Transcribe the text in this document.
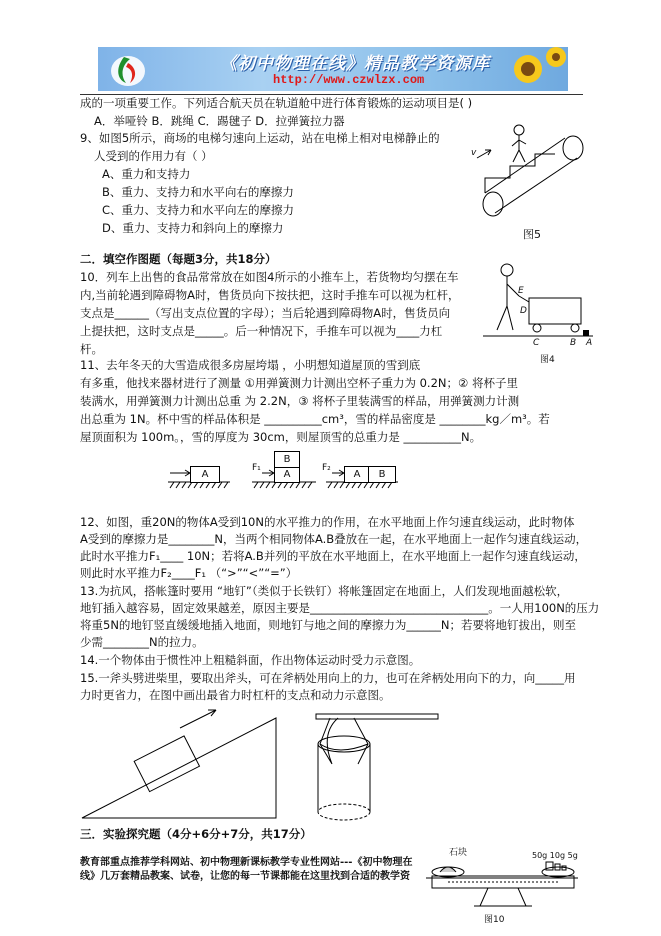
《初中物理在线》精品教学资源库
http://www.czwlzx.com
成的一项重要工作。下列适合航天员在轨道舱中进行体育锻炼的运动项目是( )
A．举哑铃 B．跳绳 C．踢毽子 D．拉弹簧拉力器
9、如图5所示，商场的电梯匀速向上运动，站在电梯上相对电梯静止的
人受到的作用力有（ ）
A、重力和支持力
B、重力、支持力和水平向右的摩擦力
C、重力、支持力和水平向左的摩擦力
D、重力、支持力和斜向上的摩擦力
v
图5
二．填空作图题（每题3分，共18分）
10．列车上出售的食品常常放在如图4所示的小推车上，若货物均匀摆在车
内,当前轮遇到障碍物A时，售货员向下按扶把，这时手推车可以视为杠杆，
支点是______（写出支点位置的字母）；当后轮遇到障碍物A时，售货员向
上提扶把，这时支点是_____。后一种情况下，手推车可以视为____力杠
杆。
E
D
C	B A
图4
11、去年冬天的大雪造成很多房屋垮塌 ，小明想知道屋顶的雪到底
有多重，他找来器材进行了测量 ①用弹簧测力计测出空杯子重力为 0.2N；② 将杯子里
装满水，用弹簧测力计测出总重 为 2.2N，③ 将杯子里装满雪的样品，用弹簧测力计测
出总重为 1N。杯中雪的样品体积是 __________cm³，雪的样品密度是 ________kg／m³。若
屋顶面积为 100m。，雪的厚度为 30cm，则屋顶雪的总重力是 __________N。
A	A
B
A	B
F₁	F₂
12、如图，重20N的物体A受到10N的水平推力的作用，在水平地面上作匀速直线运动，此时物体
A受到的摩擦力是________N，当两个相同物体A.B叠放在一起，在水平地面上一起作匀速直线运动，
此时水平推力F₁____ 10N；若将A.B并列的平放在水平地面上，在水平地面上一起作匀速直线运动，
则此时水平推力F₂____F₁ （“>”“<”“=”）
13.为抗风，搭帐篷时要用 “地钉”（类似于长铁钉）将帐篷固定在地面上，人们发现地面越松软，
地钉插入越容易，固定效果越差，原因主要是_______________________________。一人用100N的压力
将重5N的地钉竖直缓缓地插入地面，则地钉与地之间的摩擦力为______N；若要将地钉拔出，则至
少需________N的拉力。
14.一个物体由于惯性冲上粗糙斜面，作出物体运动时受力示意图。
15.一斧头劈进柴里，要取出斧头，可在斧柄处用向上的力，也可在斧柄处用向下的力，向_____用
力时更省力，在图中画出最省力时杠杆的支点和动力示意图。
三．实验探究题（4分+6分+7分，共17分）
教育部重点推荐学科网站、初中物理新课标教学专业性网站---《初中物理在
线》几万套精品教案、试卷，让您的每一节课都能在这里找到合适的教学资
石块	50g 10g 5g
图10
